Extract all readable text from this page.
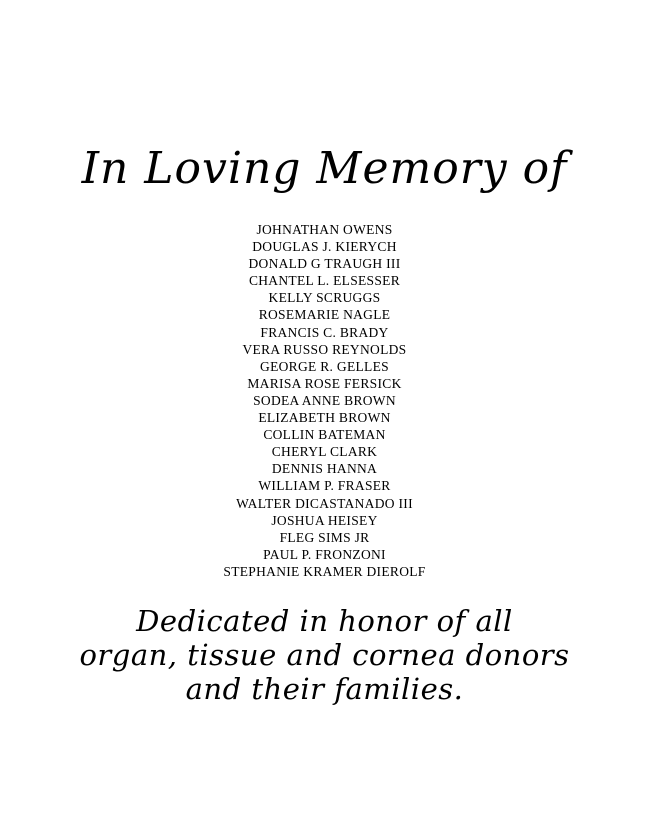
In Loving Memory of
JOHNATHAN OWENS
DOUGLAS J. KIERYCH
DONALD G TRAUGH III
CHANTEL L. ELSESSER
KELLY SCRUGGS
ROSEMARIE NAGLE
FRANCIS C. BRADY
VERA RUSSO REYNOLDS
GEORGE R. GELLES
MARISA ROSE FERSICK
SODEA ANNE BROWN
ELIZABETH BROWN
COLLIN BATEMAN
CHERYL CLARK
DENNIS HANNA
WILLIAM P. FRASER
WALTER DICASTANADO III
JOSHUA HEISEY
FLEG SIMS JR
PAUL P. FRONZONI
STEPHANIE KRAMER DIEROLF
Dedicated in honor of all
organ, tissue and cornea donors
and their families.
